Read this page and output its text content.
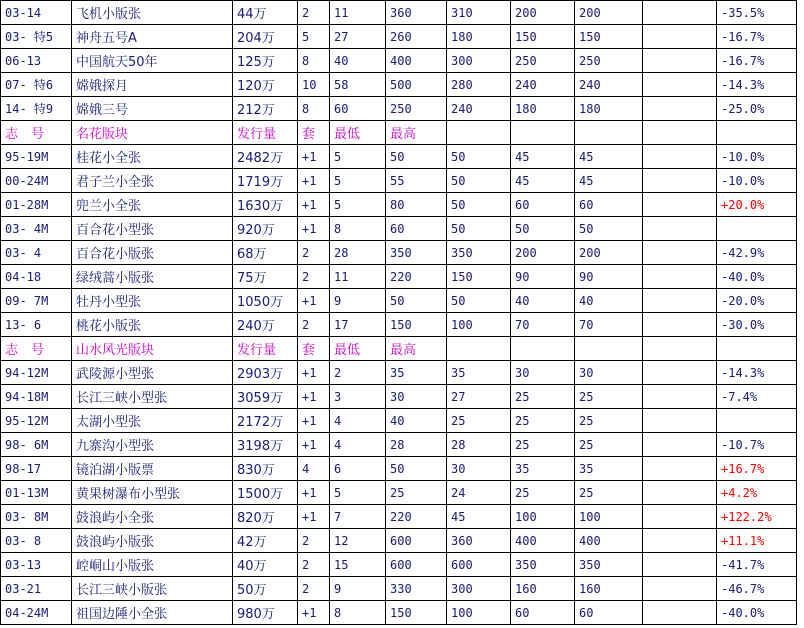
03-14	飞机小版张	44万	2	11	360	310	200	200		-35.5%
03- 特5	神舟五号A	204万	5	27	260	180	150	150		-16.7%
06-13	中国航天50年	125万	8	40	400	300	250	250		-16.7%
07- 特6	嫦娥探月	120万	10	58	500	280	240	240		-14.3%
14- 特9	嫦娥三号	212万	8	60	250	240	180	180		-25.0%
志　号	名花版块	发行量	套	最低	最高					
95-19M	桂花小全张	2482万	+1	5	50	50	45	45		-10.0%
00-24M	君子兰小全张	1719万	+1	5	55	50	45	45		-10.0%
01-28M	兜兰小全张	1630万	+1	5	80	50	60	60		+20.0%
03- 4M	百合花小型张	920万	+1	8	60	50	50	50		
03- 4	百合花小版张	68万	2	28	350	350	200	200		-42.9%
04-18	绿绒蒿小版张	75万	2	11	220	150	90	90		-40.0%
09- 7M	牡丹小型张	1050万	+1	9	50	50	40	40		-20.0%
13- 6	桃花小版张	240万	2	17	150	100	70	70		-30.0%
志　号	山水风光版块	发行量	套	最低	最高					
94-12M	武陵源小型张	2903万	+1	2	35	35	30	30		-14.3%
94-18M	长江三峡小型张	3059万	+1	3	30	27	25	25		-7.4%
95-12M	太湖小型张	2172万	+1	4	40	25	25	25		
98- 6M	九寨沟小型张	3198万	+1	4	28	28	25	25		-10.7%
98-17	镜泊湖小版票	830万	4	6	50	30	35	35		+16.7%
01-13M	黄果树瀑布小型张	1500万	+1	5	25	24	25	25		+4.2%
03- 8M	鼓浪屿小全张	820万	+1	7	220	45	100	100		+122.2%
03- 8	鼓浪屿小版张	42万	2	12	600	360	400	400		+11.1%
03-13	崆峒山小版张	40万	2	15	600	600	350	350		-41.7%
03-21	长江三峡小版张	50万	2	9	330	300	160	160		-46.7%
04-24M	祖国边陲小全张	980万	+1	8	150	100	60	60		-40.0%
